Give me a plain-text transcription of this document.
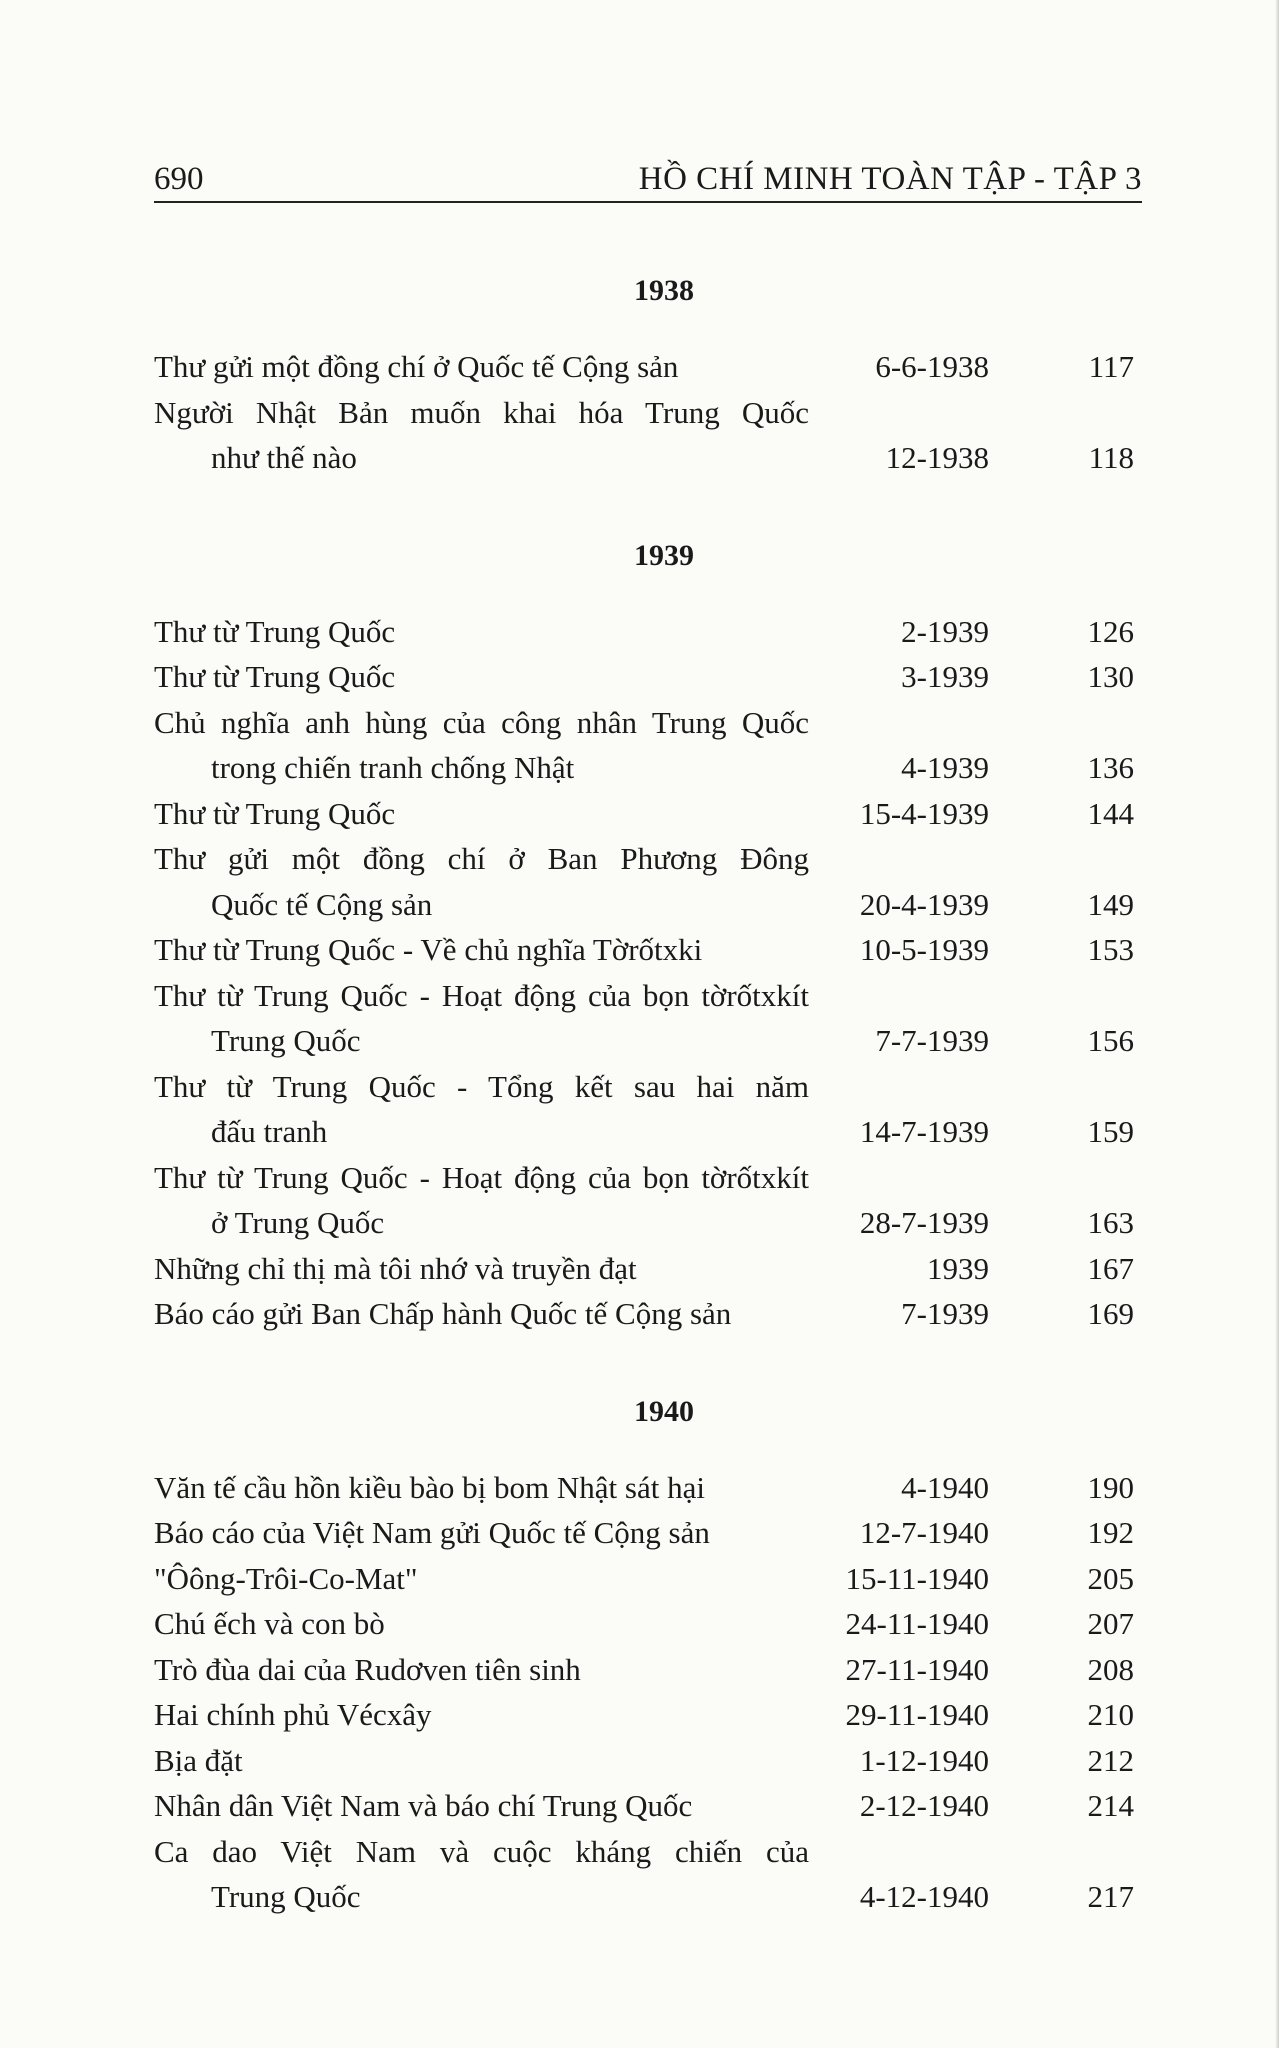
690	HỒ CHÍ MINH TOÀN TẬP - TẬP 3
1938
Thư gửi một đồng chí ở Quốc tế Cộng sản	6-6-1938	117
Người Nhật Bản muốn khai hóa Trung Quốc
như thế nào	12-1938	118
1939
Thư từ Trung Quốc	2-1939	126
Thư từ Trung Quốc	3-1939	130
Chủ nghĩa anh hùng của công nhân Trung Quốc
trong chiến tranh chống Nhật	4-1939	136
Thư từ Trung Quốc	15-4-1939	144
Thư gửi một đồng chí ở Ban Phương Đông
Quốc tế Cộng sản	20-4-1939	149
Thư từ Trung Quốc - Về chủ nghĩa Tờrốtxki	10-5-1939	153
Thư từ Trung Quốc - Hoạt động của bọn tờrốtxkít
Trung Quốc	7-7-1939	156
Thư từ Trung Quốc - Tổng kết sau hai năm
đấu tranh	14-7-1939	159
Thư từ Trung Quốc - Hoạt động của bọn tờrốtxkít
ở Trung Quốc	28-7-1939	163
Những chỉ thị mà tôi nhớ và truyền đạt	1939	167
Báo cáo gửi Ban Chấp hành Quốc tế Cộng sản	7-1939	169
1940
Văn tế cầu hồn kiều bào bị bom Nhật sát hại	4-1940	190
Báo cáo của Việt Nam gửi Quốc tế Cộng sản	12-7-1940	192
"Ôông-Trôi-Co-Mat"	15-11-1940	205
Chú ếch và con bò	24-11-1940	207
Trò đùa dai của Rudơven tiên sinh	27-11-1940	208
Hai chính phủ Vécxây	29-11-1940	210
Bịa đặt	1-12-1940	212
Nhân dân Việt Nam và báo chí Trung Quốc	2-12-1940	214
Ca dao Việt Nam và cuộc kháng chiến của
Trung Quốc	4-12-1940	217
